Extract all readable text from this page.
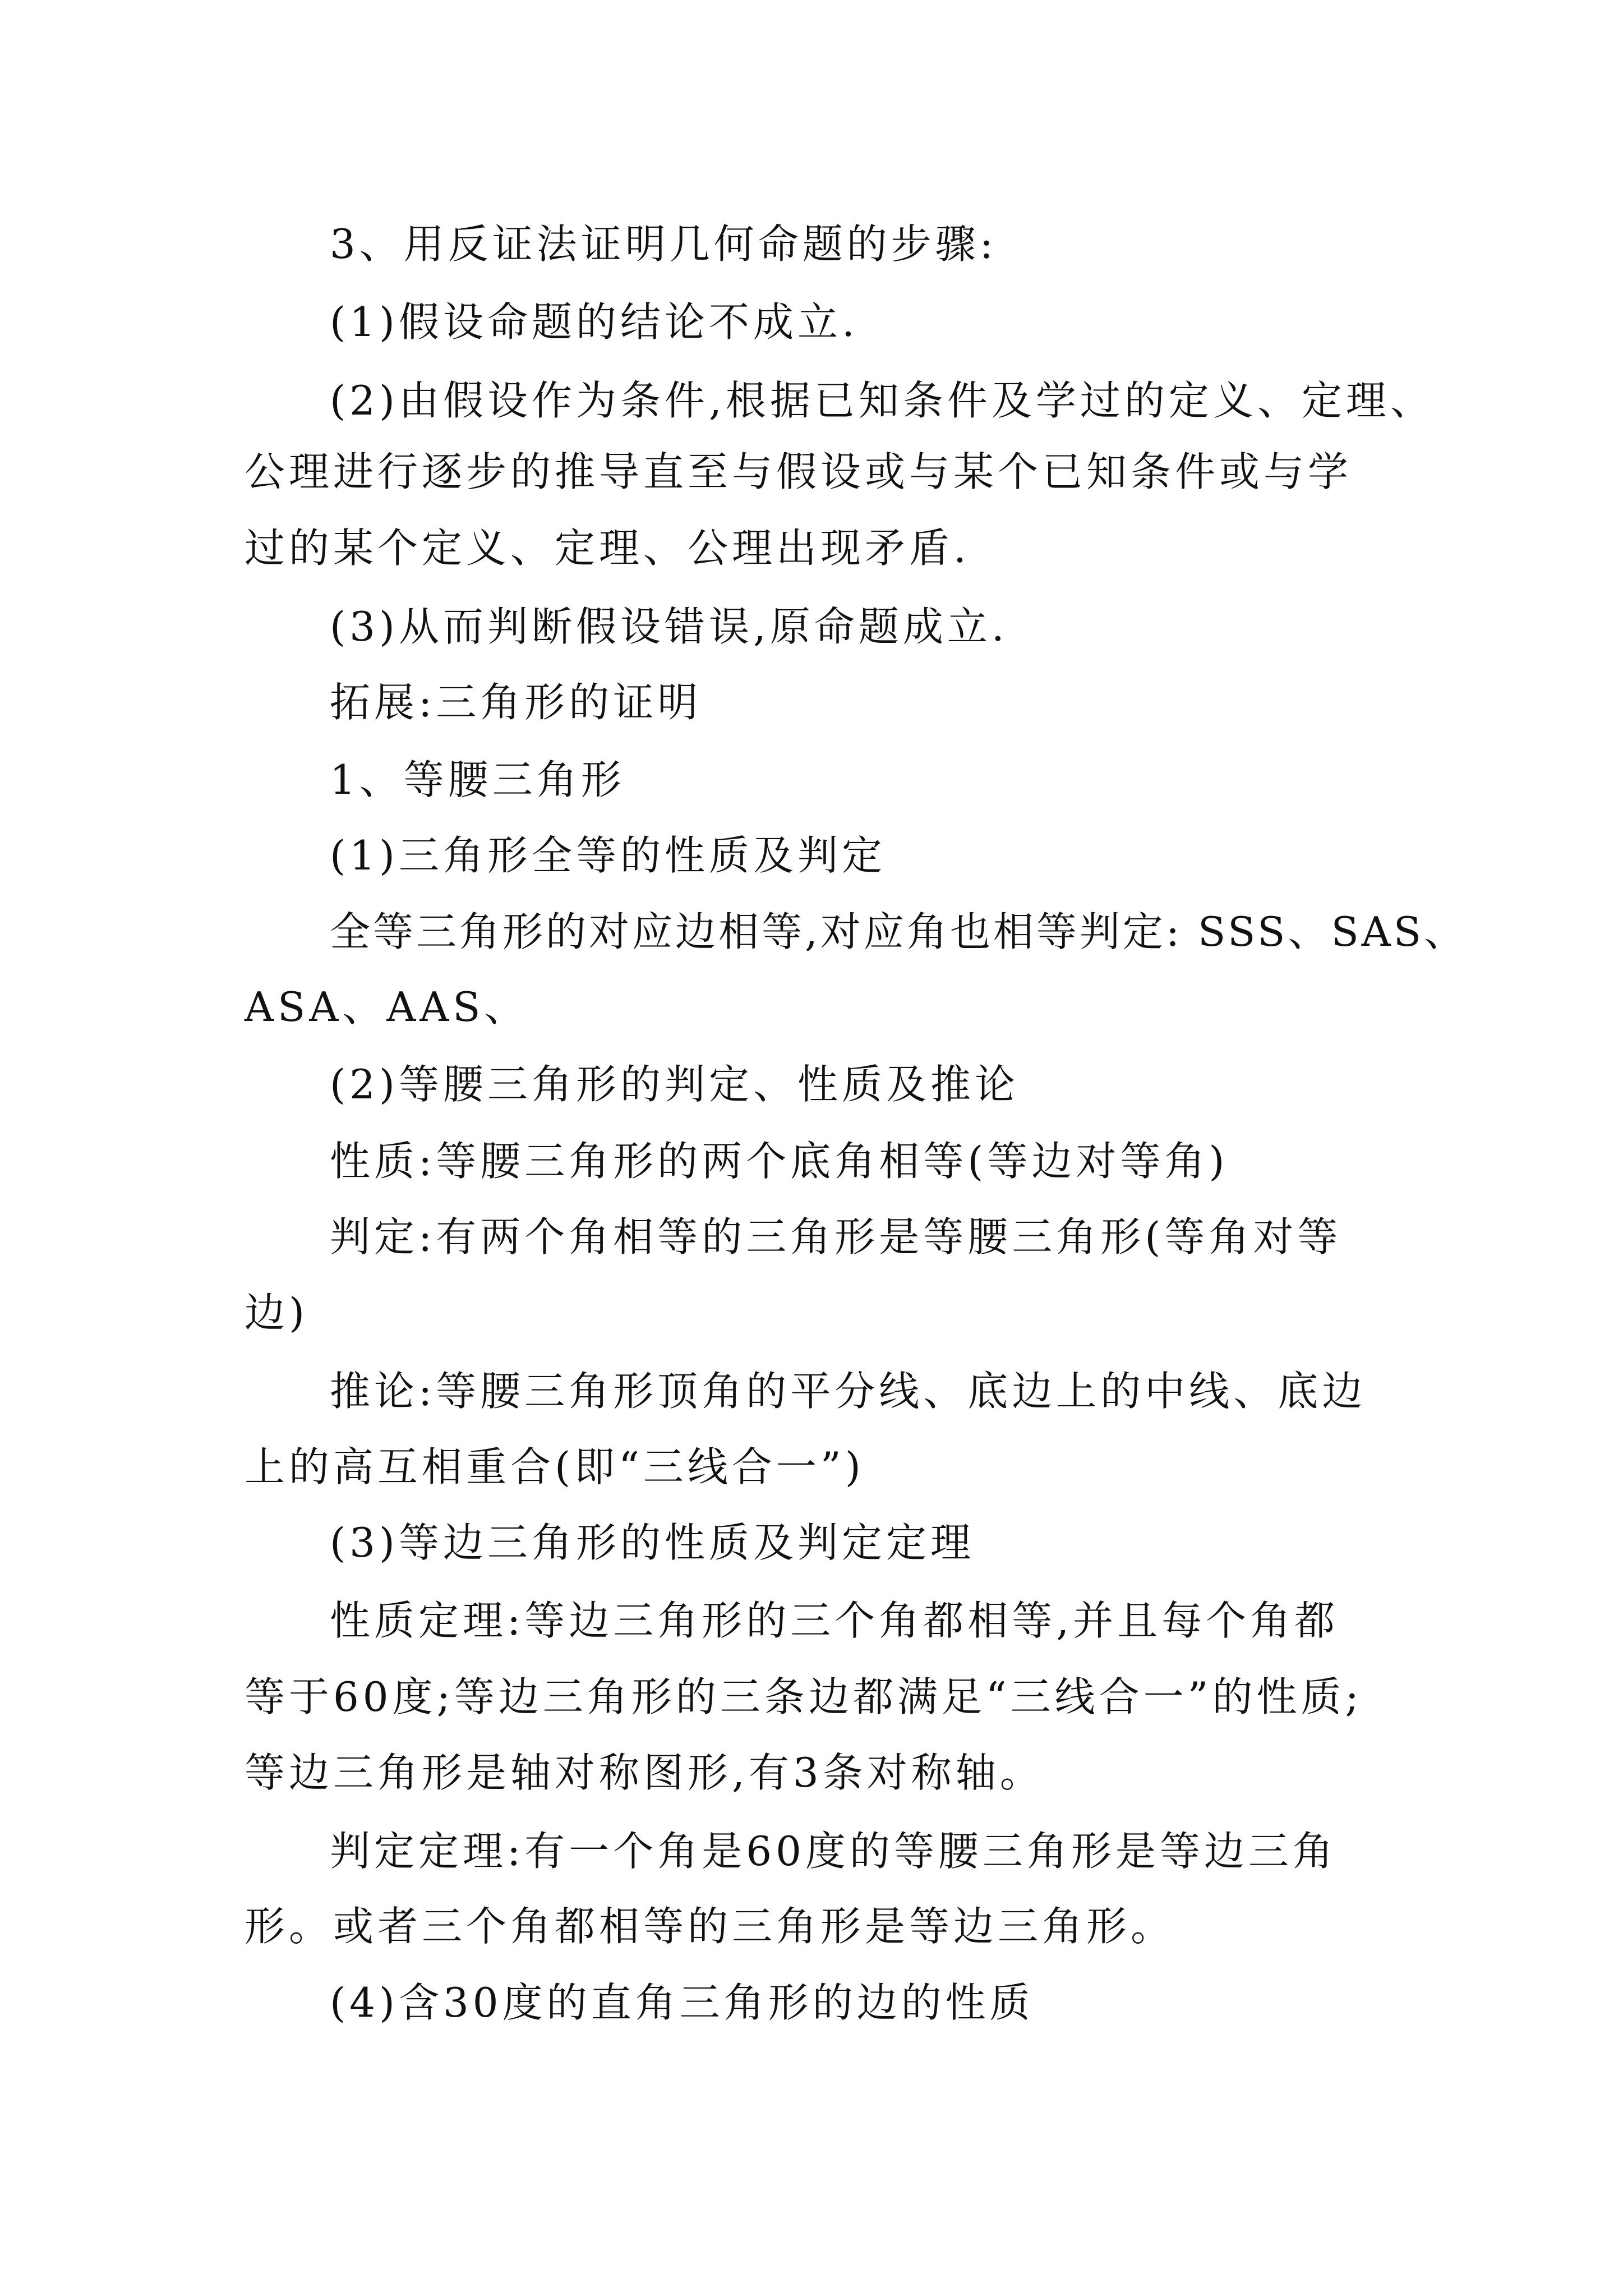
3、用反证法证明几何命题的步骤:
(1)假设命题的结论不成立.
(2)由假设作为条件,根据已知条件及学过的定义、定理、
公理进行逐步的推导直至与假设或与某个已知条件或与学
过的某个定义、定理、公理出现矛盾.
(3)从而判断假设错误,原命题成立.
拓展:三角形的证明
1、等腰三角形
(1)三角形全等的性质及判定
全等三角形的对应边相等,对应角也相等判定: SSS、SAS、
ASA、AAS、
(2)等腰三角形的判定、性质及推论
性质:等腰三角形的两个底角相等(等边对等角)
判定:有两个角相等的三角形是等腰三角形(等角对等
边)
推论:等腰三角形顶角的平分线、底边上的中线、底边
上的高互相重合(即“三线合一”)
(3)等边三角形的性质及判定定理
性质定理:等边三角形的三个角都相等,并且每个角都
等于60度;等边三角形的三条边都满足“三线合一”的性质;
等边三角形是轴对称图形,有3条对称轴。
判定定理:有一个角是60度的等腰三角形是等边三角
形。或者三个角都相等的三角形是等边三角形。
(4)含30度的直角三角形的边的性质
